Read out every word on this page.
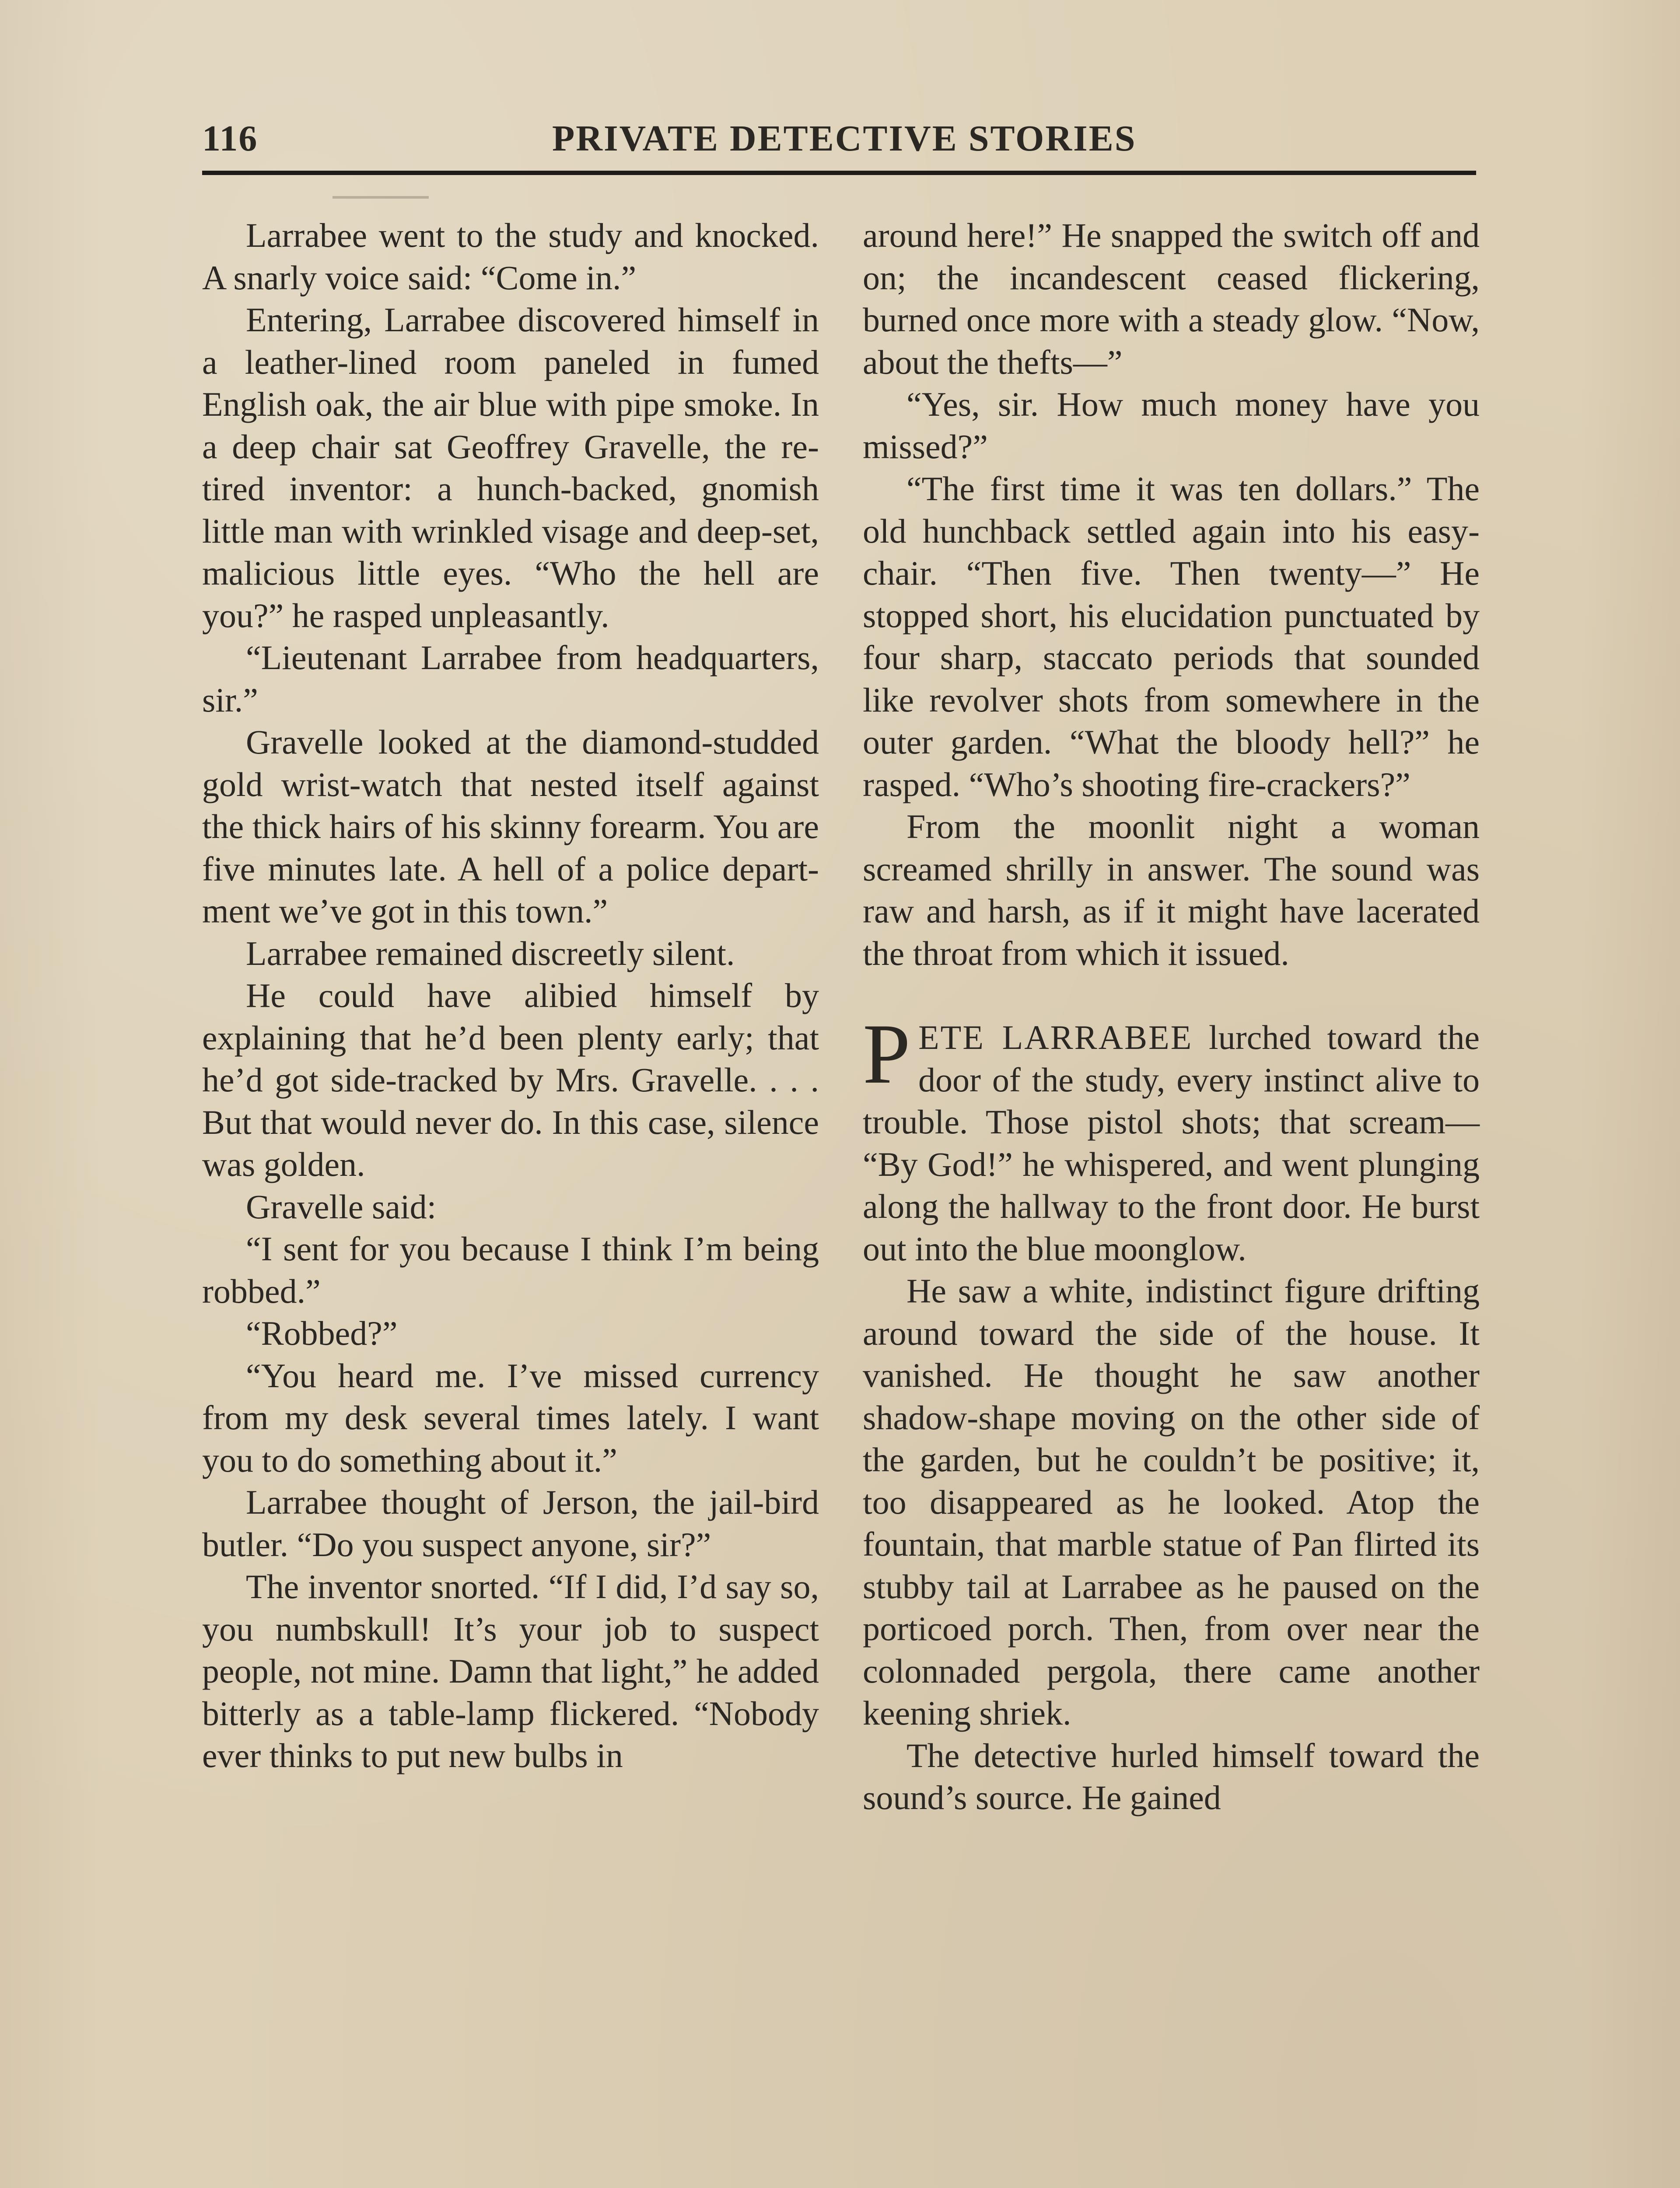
116	PRIVATE DETECTIVE STORIES

Larrabee went to the study and knocked. A snarly voice said: “Come in.”

Entering, Larrabee discovered himself in a leather-lined room paneled in fumed English oak, the air blue with pipe smoke. In a deep chair sat Geoffrey Gravelle, the retired inventor: a hunch-backed, gnomish little man with wrinkled visage and deep-set, malicious little eyes. “Who the hell are you?” he rasped unpleasantly.

“Lieutenant Larrabee from headquarters, sir.”

Gravelle looked at the diamond-studded gold wrist-watch that nested itself against the thick hairs of his skinny forearm. You are five minutes late. A hell of a police department we’ve got in this town.”

Larrabee remained discreetly silent.

He could have alibied himself by explaining that he’d been plenty early; that he’d got side-tracked by Mrs. Gravelle. . . . But that would never do. In this case, silence was golden.

Gravelle said:

“I sent for you because I think I’m being robbed.”

“Robbed?”

“You heard me. I’ve missed currency from my desk several times lately. I want you to do something about it.”

Larrabee thought of Jerson, the jail-bird butler. “Do you suspect anyone, sir?”

The inventor snorted. “If I did, I’d say so, you numbskull! It’s your job to suspect people, not mine. Damn that light,” he added bitterly as a table-lamp flickered. “Nobody ever thinks to put new bulbs in

around here!” He snapped the switch off and on; the incandescent ceased flickering, burned once more with a steady glow. “Now, about the thefts—”

“Yes, sir. How much money have you missed?”

“The first time it was ten dollars.” The old hunchback settled again into his easy-chair. “Then five. Then twenty—” He stopped short, his elucidation punctuated by four sharp, staccato periods that sounded like revolver shots from somewhere in the outer garden. “What the bloody hell?” he rasped. “Who’s shooting fire-crackers?”

From the moonlit night a woman screamed shrilly in answer. The sound was raw and harsh, as if it might have lacerated the throat from which it issued.

PETE LARRABEE lurched toward the door of the study, every instinct alive to trouble. Those pistol shots; that scream— “By God!” he whispered, and went plunging along the hallway to the front door. He burst out into the blue moonglow.

He saw a white, indistinct figure drifting around toward the side of the house. It vanished. He thought he saw another shadow-shape moving on the other side of the garden, but he couldn’t be positive; it, too disappeared as he looked. Atop the fountain, that marble statue of Pan flirted its stubby tail at Larrabee as he paused on the porticoed porch. Then, from over near the colonnaded pergola, there came another keening shriek.

The detective hurled himself toward the sound’s source. He gained
